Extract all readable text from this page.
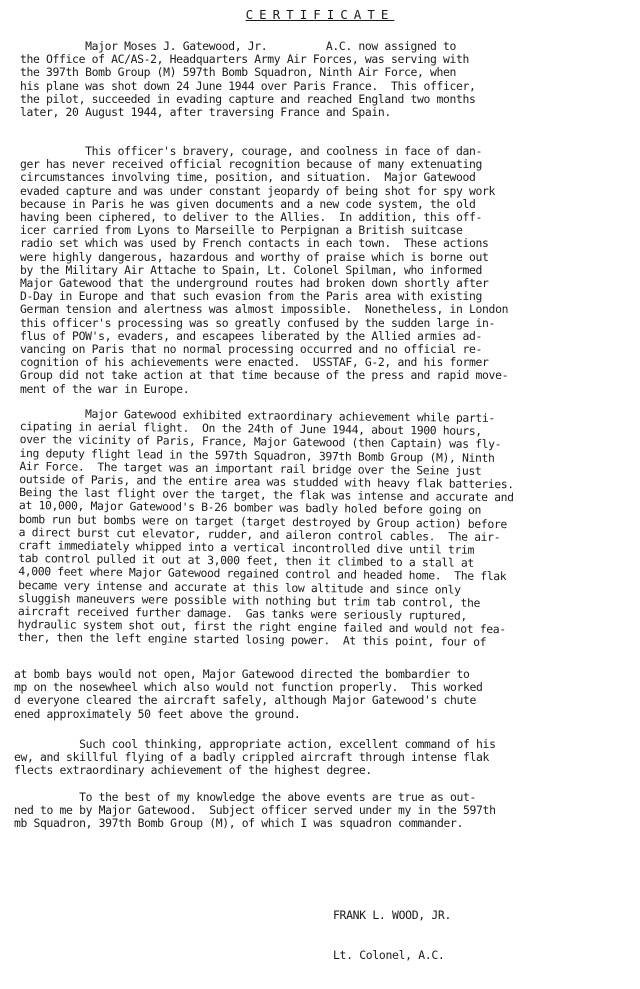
CERTIFICATE
Major Moses J. Gatewood, Jr.         A.C. now assigned to
the Office of AC/AS-2, Headquarters Army Air Forces, was serving with
the 397th Bomb Group (M) 597th Bomb Squadron, Ninth Air Force, when
his plane was shot down 24 June 1944 over Paris France.  This officer,
the pilot, succeeded in evading capture and reached England two months
later, 20 August 1944, after traversing France and Spain.
This officer's bravery, courage, and coolness in face of dan-
ger has never received official recognition because of many extenuating
circumstances involving time, position, and situation.  Major Gatewood
evaded capture and was under constant jeopardy of being shot for spy work
because in Paris he was given documents and a new code system, the old
having been ciphered, to deliver to the Allies.  In addition, this off-
icer carried from Lyons to Marseille to Perpignan a British suitcase
radio set which was used by French contacts in each town.  These actions
were highly dangerous, hazardous and worthy of praise which is borne out
by the Military Air Attache to Spain, Lt. Colonel Spilman, who informed
Major Gatewood that the underground routes had broken down shortly after
D-Day in Europe and that such evasion from the Paris area with existing
German tension and alertness was almost impossible.  Nonetheless, in London
this officer's processing was so greatly confused by the sudden large in-
flus of POW's, evaders, and escapees liberated by the Allied armies ad-
vancing on Paris that no normal processing occurred and no official re-
cognition of his achievements were enacted.  USSTAF, G-2, and his former
Group did not take action at that time because of the press and rapid move-
ment of the war in Europe.
Major Gatewood exhibited extraordinary achievement while parti-
cipating in aerial flight.  On the 24th of June 1944, about 1900 hours,
over the vicinity of Paris, France, Major Gatewood (then Captain) was fly-
ing deputy flight lead in the 597th Squadron, 397th Bomb Group (M), Ninth
Air Force.  The target was an important rail bridge over the Seine just
outside of Paris, and the entire area was studded with heavy flak batteries.
Being the last flight over the target, the flak was intense and accurate and
at 10,000, Major Gatewood's B-26 bomber was badly holed before going on
bomb run but bombs were on target (target destroyed by Group action) before
a direct burst cut elevator, rudder, and aileron control cables.  The air-
craft immediately whipped into a vertical incontrolled dive until trim
tab control pulled it out at 3,000 feet, then it climbed to a stall at
4,000 feet where Major Gatewood regained control and headed home.  The flak
became very intense and accurate at this low altitude and since only
sluggish maneuvers were possible with nothing but trim tab control, the
aircraft received further damage.  Gas tanks were seriously ruptured,
hydraulic system shot out, first the right engine failed and would not fea-
ther, then the left engine started losing power.  At this point, four of
at bomb bays would not open, Major Gatewood directed the bombardier to
mp on the nosewheel which also would not function properly.  This worked
d everyone cleared the aircraft safely, although Major Gatewood's chute
ened approximately 50 feet above the ground.
Such cool thinking, appropriate action, excellent command of his
ew, and skillful flying of a badly crippled aircraft through intense flak
flects extraordinary achievement of the highest degree.
To the best of my knowledge the above events are true as out-
ned to me by Major Gatewood.  Subject officer served under my in the 597th
mb Squadron, 397th Bomb Group (M), of which I was squadron commander.

FRANK L. WOOD, JR.

Lt. Colonel, A.C.
